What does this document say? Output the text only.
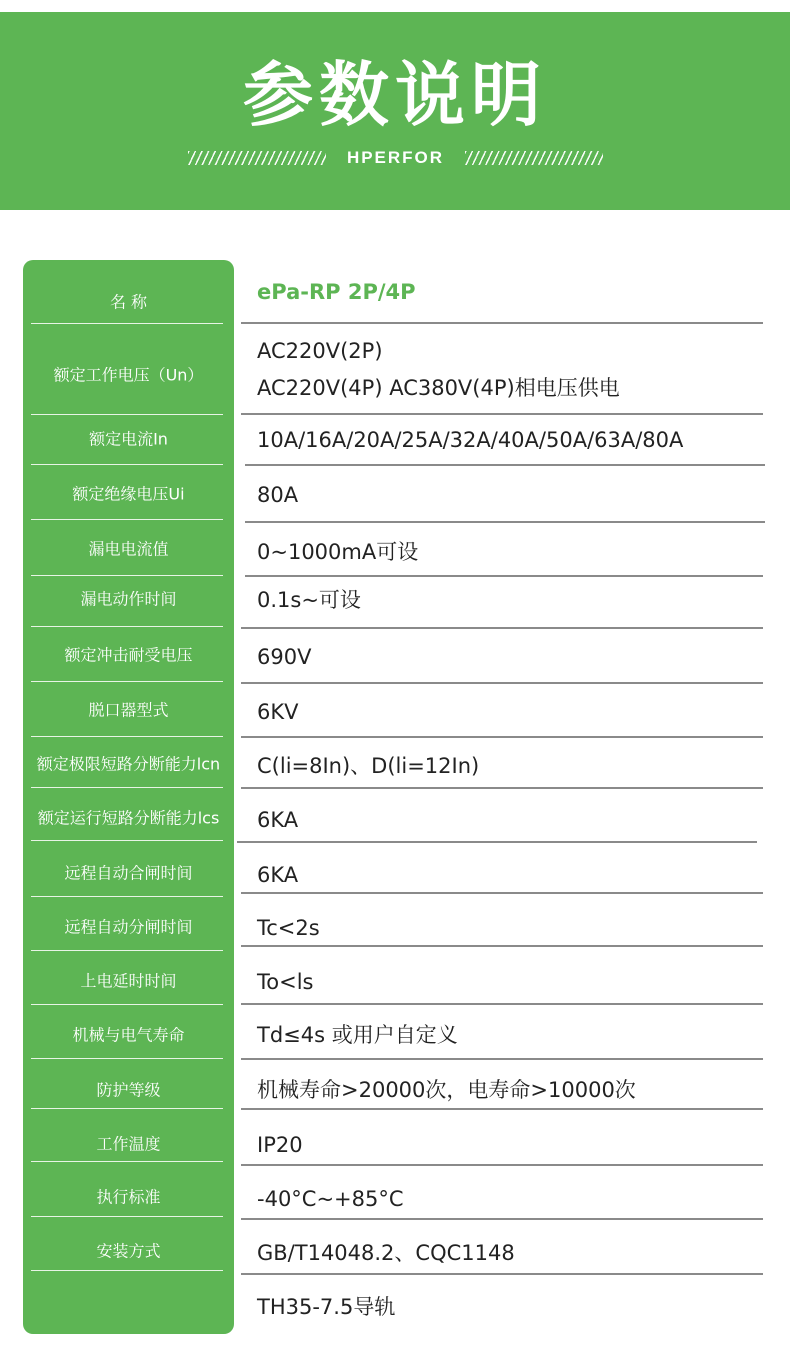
参数说明
HPERFOR
名 称
额定工作电压（Un）
额定电流In
额定绝缘电压Ui
漏电电流值
漏电动作时间
额定冲击耐受电压
脱口器型式
额定极限短路分断能力lcn
额定运行短路分断能力lcs
远程自动合闸时间
远程自动分闸时间
上电延时时间
机械与电气寿命
防护等级
工作温度
执行标准
安装方式
ePa-RP 2P/4P
AC220V(2P)
AC220V(4P) AC380V(4P)相电压供电
10A/16A/20A/25A/32A/40A/50A/63A/80A
80A
0~1000mA可设
0.1s~可设
690V
6KV
C(li=8In)、D(li=12In)
6KA
6KA
Tc<2s
To<ls
Td≤4s 或用户自定义
机械寿命>20000次，电寿命>10000次
IP20
-40°C~+85°C
GB/T14048.2、CQC1148
TH35-7.5导轨
